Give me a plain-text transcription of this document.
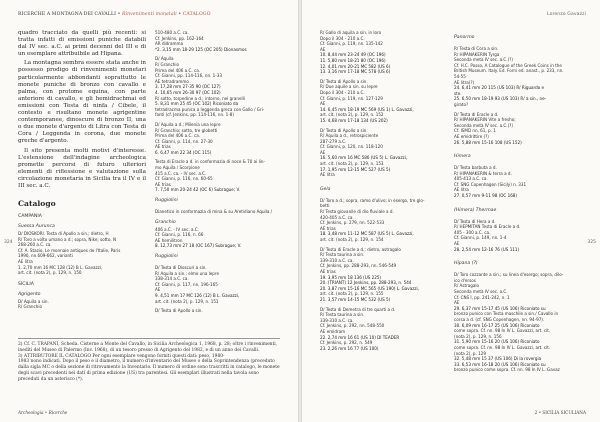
RICERCHE A MONTAGNA DEI CAVALLI • Rinvenimenti monetali • CATALOGO

quadro tracciato da quelli più recenti: si tratta infatti di emissioni puniche databili dal IV sec. a.C. ai primi decenni del III e di un esemplare attribuibile ad Hipana.

La montagna sembra essere stata anche in possesso prodigo di rinvenimenti monetari particolarmente abbondanti soprattutto le monete puniche di bronzo con cavallo e palma, con protome equina, con parte anteriore di cavallo, e gli hemidrachmai ed emissioni con Testa di ninfa / Cibele, il contesto e risultano monete agrigentine contemporanee, dinoscure di bronzo II, una o due monete d'argento di Litra con Testa di Cora / Leggenda in corona, due monete greche d'argento.

Il sito presenta molti motivi d'interesse. L'estensione dell'indagine archeologica promette percorsi di futuro ulteriori elementi di riflessione e valutazione sulla circolazione monetaria in Sicilia tra il IV e il III sec. a.C.

Catalogo
CAMPANIA
Suessa Aurunca
D/ DIOSKORI. Testa di Apollo a sin.; dietro, H
R/ Toro a volto umano a d.; sopra, Nike; sotto, N
268-260 a.C. ca.
Cf. A. Stazio, Le monnaie antiques de l'Italie, Paris
1990, nn.609-662, varianti
AE litra
1. 2,70 mm 16 MC 128 (12) B L. Gavazzi,
art. cit. (nota 2), p. 129, n. 150
SICILIA
Agrigento
D/ Aquila a sin.
R/ Granchio
510-480 a.C. ca.
Cf. Jenkins, pp. 162-164
AR didramma
*2. 3,15 mm 18-29 125 (OC 205) Dionasmos
D/ Aquila
R/ Granchio
Prima del 406 a.C. ca.
Cf. Gianni, pp. 114-116, nn. 1-33
AE tetradrammo
3. 17,28 mm 27-35 90 (OC 127)
4. 10,65 mm 26-30 97 (OC 102)
R/ sotto, torpedine a d.; intorno, nei granelli
5. 8,31 mm 25 45 (OC 102) Riconiato da
tetradracma punica a leggenda greca con Gallo / Gri-
fanti (cf. Jenkins, pp. 114-116, nn. 1-8)
D/ Aquila a d.; Milenia una lepre
R/ Granchio; sotto, tre globetti
Prima del 406 a.C. ca.
Cf. Gianni, p. 114, nn. 27-30
AE trias
6. 6,47 mm 22 34 (OC 115)
Testa di Eracle a d. in conformazia di noce & 70 ai lin-
mo Aquila / Scorpione
415 a.C. ca. - IV sec. a.C.
Cf. Gianni, p. 116, nn. 60-65
AE trias
7. 7,50 mm 20-24 42 (OC 6) Subrague; V.
Ruggiolini
Dianetico in conformazia di mina & su Aretidiano Aquila /
Granchio
406 a.C. - IV sec. a.C.
Cf. Gianni, p. 116, n. 66
AE hemilitron
8. 12,73 mm 27 18 (OC 167) Subrague; V.
Ruggiolini
D/ Testa di Dioscuri a sin.
R/ Aquila a sin.; elmo una lepre
338-314 a.C. ca.
Cf. Gianni, p. 117, nn. 196-165
AE
9. 4,51 mm 17 MC 126 (12) B L. Gavazzi,
art. cit. (nota 2), p. 129, n. 151
D/ Testa di Apollo a sin.
2) Cf. C. TRAPANI, Scheda. Cisterne a Monte del Cavallo, in Sicilia Archeologica 1, 1968, p. 28; oltre i rinvenimenti, inediti del Museo di Palermo (Inv. 1968), di un tesoro presso di Agrigento del 1982, e di un anno dei Cavalli.
3) ATTRIBUTORE IL CATALOGO Per ogni esemplare vengono forniti questi dati: peso, 1980-
1983 nono indicati. Dopo il peso e il diametro, il numero d'inventario del Museo o della Soprintendenza (preceduto dalla sigla MC o della sezione di ritrovamento la Inventario. Il numero di ordine sono trascritti in catalogo, le monete degli scavi precedenti nei dati di prima edizione (US) tra parentesi. Gli esemplari illustrati nella tavola sono preceduti da un asterisco (*).
324
Archeologia • Ricerche
Lorenzo Gavazzi
R/ Gallo di aquila a sin. in loro
Dopo il 304 - 210 a.C.
Cf. Gianni, p. 119, nn. 135-142
AE
10. 8,44 mm 23-24 49 (OC 196)
11. 5,80 mm 18-21 80 (OC 196)
12. 4,01 mm 20-21 MC 582 (US 6)
13. 3,16 mm 17-18 MC 578 (US 6)
D/ Testa di Apollo a sin.
R/ Due aquile a sin. su lepre
Dopo il 304 - 210 a.C.
Cf. Gianni, p. 119, nn. 127-129
AE
14. 6,45 mm 18-19 MC 569 (US 1) L. Gavazzi,
art. cit. (nota 2), p. 129, n. 152
15. 4,68 mm 17-18 134 (US 202)
D/ Testa di Apollo a sin.
R/ Aquila a d., retrospiciente
287-279 a.C.
Cf. Gianni, p. 120, nn. 118-120
AE
16. 5,60 mm 16 MC 586 (US 5) L. Gavazzi,
art. cit. (nota 2), p. 129, n. 153
17. 1,95 mm 12-15 MC 527 (US 5)
AE litra
Gela
D/ Toro a d.; sopra, ramo d'ulivo; in esergo, tre glo-
betti
R/ Testa giovanile di dio fluviale a d.
420-405 a.C. ca.
Cf. Jenkins, p. 279, nn. 522-533
AE trias
18. 3,48 mm 11-12 MC 587 (US 5) L. Gavazzi,
art. cit. (nota 2), p. 129, n. 154
D/ Testa di Eracle a d.; dietro, astragalo
R/ Testa taurina a sin.
339-310 a.C. ca.
Cf. Jenkins, pp. 288-293, nn. 546-549
AE trias
19. 3,95 mm 18 136 (US 225)
20. (TRIANT) 12 Jenkins, pp. 288-293, n. 544
20. 3,87 mm 15-16 MC 565 (US 190) L. Gavazzi,
art. cit. (nota 2), p. 129, n. 155
21. 3,57 mm 14-15 MC 532 (US 5)
D/ Testa di Demetra di tre quarti a d.
R/ Testa taurina a sin.
339-310 a.C. ca.
Cf. Jenkins, p. 292, nn. 548-550
AE emidram
22. 2,74 mm 16 61 (US 10) DI TEADER
Cf. Jenkins, p. 292, n. 549
23. 2,26 mm 16 77 (US 100)
Panormo
R/ Testa di Cora a sin.
R/ HIPANAKERIN Tyrga
Seconda metà IV sec. a.C.(?)
Cf. H.C. Posso, A Catalogue of the Greek Coins in the
British Museum. Italy. Ed. Forni ed. anast., p. 233, nn.
54-55
AE litra(?)
24. 6,41 mm 20 115 (US 103) R/ Riguardo e
ste.
25. 6,50 mm 18-19 93 (US 103) R/ a sin., ne-
girato?
D/ Testa di Eracle a d.
R/ HIPANAKERIN Vite a fresho;
Seconda metà IV sec. a.C.(?)
Cf. ISMD nn. 61, p. 1
AE emidrittire (?)
26. 5,88 mm 15-16 108 (US 152)
Himera
D/ Testa barbuta a d.
R/ HIPANAKERIN & terra a d.
405-413 a.C. ca.
Cf. SNG Copenhagen (Sicily) n. 331
AE litra
27. 0,57 mm 9-11 98 (OC 168)
(Himera) Thermae
D/ Testa di Hera a d.
R/ HEPMITAN Testa di Eracle a d.
405 - 300 a.C. ca.
Cf. Gianni, p. 149, nn. 1-4
AE
28. 2,54 mm 12-16 76 (US 111)
Hipana (?)
D/ Toro cozzante a sin.; su linea d'esergo; sopra, dilo-
ico d'ersos
R/ Astragalo
Seconda metà IV sec. a.C.
Cf. CNS I, pp. 241-242, n. 1
AE
29. 6,37 mm 15-17 45 (US 106) Riconiato su
bronzo punico con Testa maschile a sin./ Cavallo in
corsa a d. (cf. SNG Copenhagen, nn. 94-97).
30. 6,09 mm 16-17 25 (US 106) Riconiato
come sopra. Cf. nn. 98 In IV L. Gavazzi, art. cit.
(nota 2), p. 129, n. 156
31. 5,90 mm 15-16 20 (US 106) Riconiato
come sopra. Cf. nn. 98 In IV L. Gavazzi, art. cit.
(nota 2), p. 129
32. 5,48 mm 15 37 (US 106) Di la rovergia
33. 6,53 mm 16-18 20 (US 106) Riconiato su
bronzo punico come sopra. Cf. nn. 98 In IV L. Gavaz
325
2 • SICILIA SICULIANA
